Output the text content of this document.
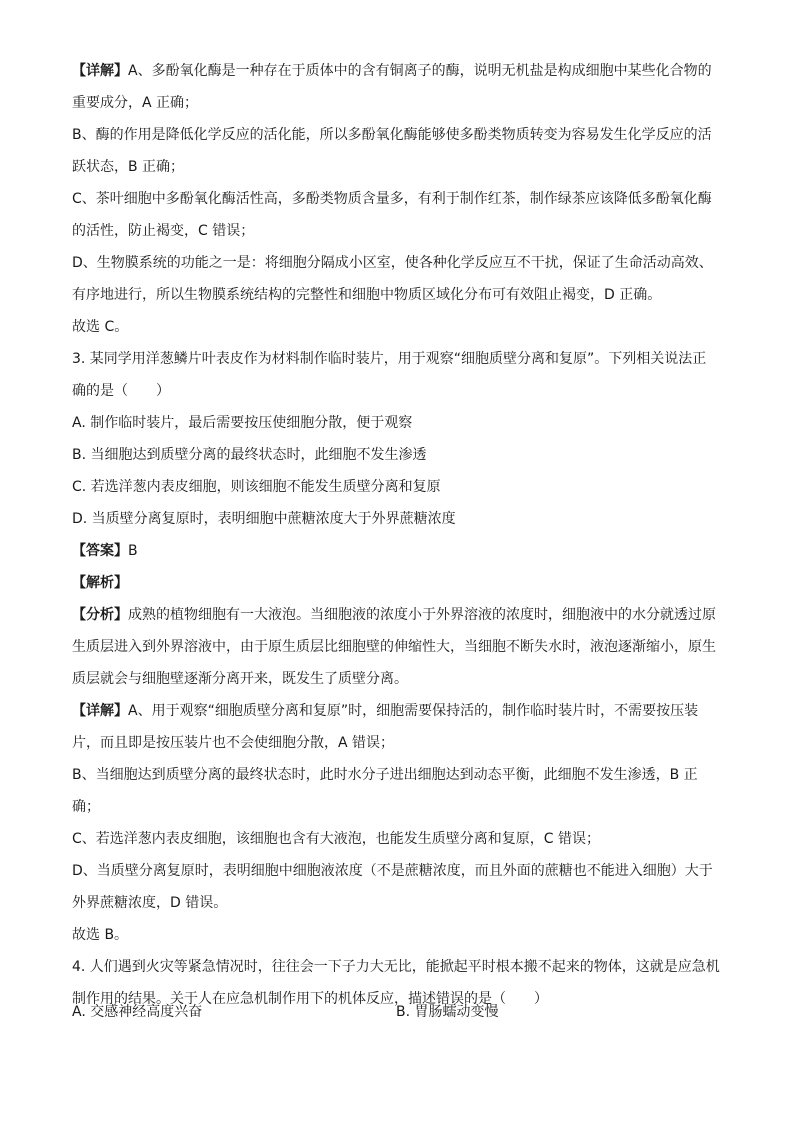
【详解】A、多酚氧化酶是一种存在于质体中的含有铜离子的酶，说明无机盐是构成细胞中某些化合物的
重要成分，A 正确；
B、酶的作用是降低化学反应的活化能，所以多酚氧化酶能够使多酚类物质转变为容易发生化学反应的活
跃状态，B 正确；
C、茶叶细胞中多酚氧化酶活性高，多酚类物质含量多，有利于制作红茶，制作绿茶应该降低多酚氧化酶
的活性，防止褐变，C 错误；
D、生物膜系统的功能之一是：将细胞分隔成小区室，使各种化学反应互不干扰，保证了生命活动高效、
有序地进行，所以生物膜系统结构的完整性和细胞中物质区域化分布可有效阻止褐变，D 正确。
故选 C。
3. 某同学用洋葱鳞片叶表皮作为材料制作临时装片，用于观察“细胞质壁分离和复原”。下列相关说法正
确的是（　　）
A. 制作临时装片，最后需要按压使细胞分散，便于观察
B. 当细胞达到质壁分离的最终状态时，此细胞不发生渗透
C. 若选洋葱内表皮细胞，则该细胞不能发生质壁分离和复原
D. 当质壁分离复原时，表明细胞中蔗糖浓度大于外界蔗糖浓度
【答案】B
【解析】
【分析】成熟的植物细胞有一大液泡。当细胞液的浓度小于外界溶液的浓度时，细胞液中的水分就透过原
生质层进入到外界溶液中，由于原生质层比细胞壁的伸缩性大，当细胞不断失水时，液泡逐渐缩小，原生
质层就会与细胞壁逐渐分离开来，既发生了质壁分离。
【详解】A、用于观察“细胞质壁分离和复原”时，细胞需要保持活的，制作临时装片时，不需要按压装
片，而且即是按压装片也不会使细胞分散，A 错误；
B、当细胞达到质壁分离的最终状态时，此时水分子进出细胞达到动态平衡，此细胞不发生渗透，B 正
确；
C、若选洋葱内表皮细胞，该细胞也含有大液泡，也能发生质壁分离和复原，C 错误；
D、当质壁分离复原时，表明细胞中细胞液浓度（不是蔗糖浓度，而且外面的蔗糖也不能进入细胞）大于
外界蔗糖浓度，D 错误。
故选 B。
4. 人们遇到火灾等紧急情况时，往往会一下子力大无比，能掀起平时根本搬不起来的物体，这就是应急机
制作用的结果。关于人在应急机制作用下的机体反应，描述错误的是（　　）
A. 交感神经高度兴奋	B. 胃肠蠕动变慢
